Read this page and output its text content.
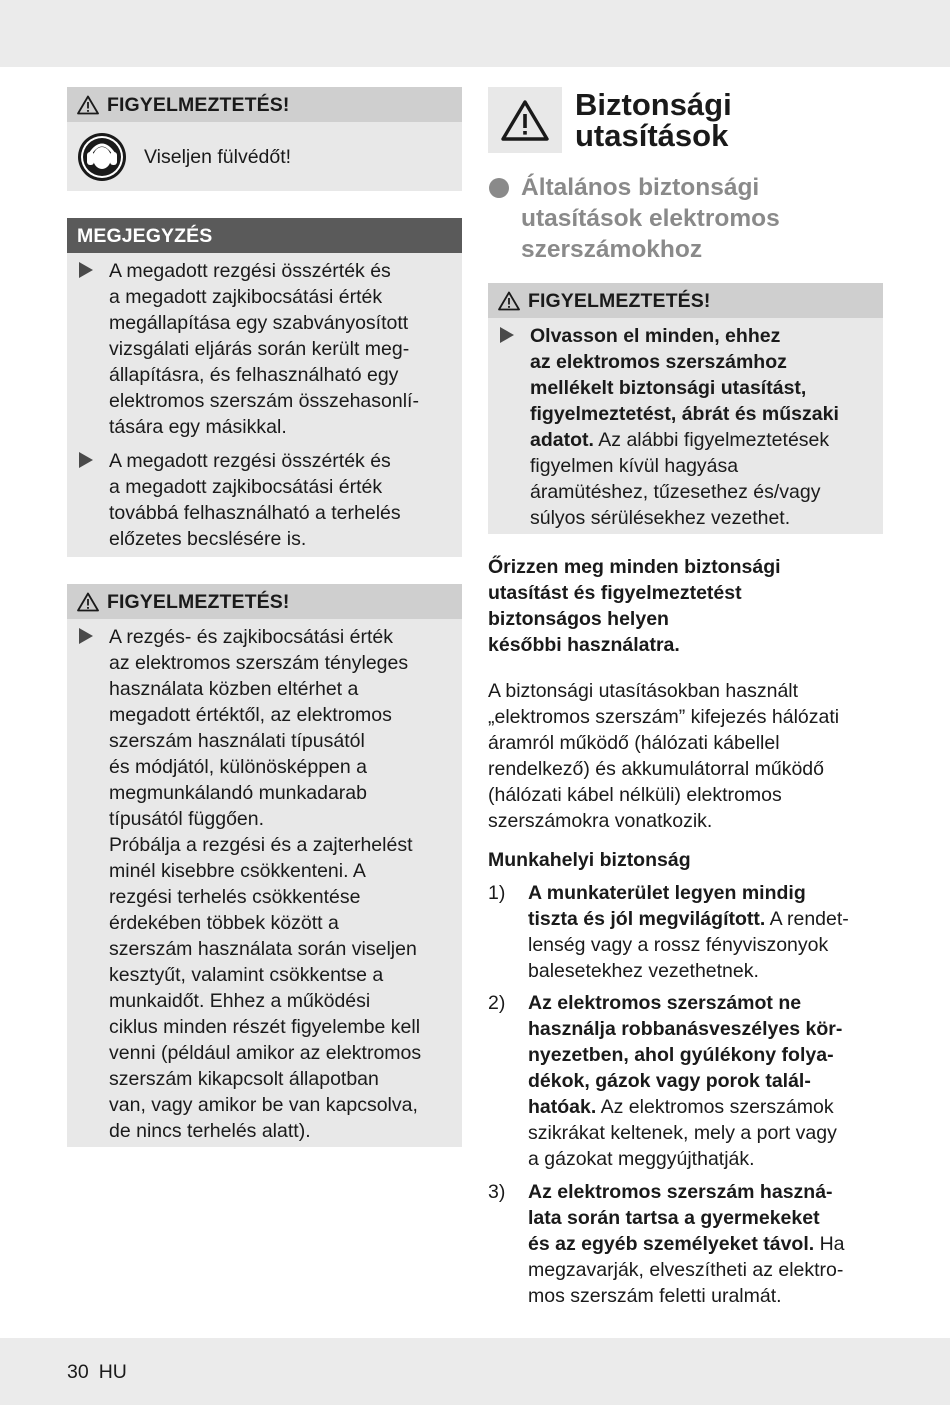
FIGYELMEZTETÉS!
Viseljen fülvédőt!
MEGJEGYZÉS

A megadott rezgési összérték és
a megadott zajkibocsátási érték
megállapítása egy szabványosított
vizsgálati eljárás során került meg-
állapításra, és felhasználható egy
elektromos szerszám összehasonlí-
tására egy másikkal.

A megadott rezgési összérték és
a megadott zajkibocsátási érték
továbbá felhasználható a terhelés
előzetes becslésére is.

FIGYELMEZTETÉS!

A rezgés- és zajkibocsátási érték
az elektromos szerszám tényleges
használata közben eltérhet a
megadott értéktől, az elektromos
szerszám használati típusától
és módjától, különösképpen a
megmunkálandó munkadarab
típusától függően.
Próbálja a rezgési és a zajterhelést
minél kisebbre csökkenteni. A
rezgési terhelés csökkentése
érdekében többek között a
szerszám használata során viseljen
kesztyűt, valamint csökkentse a
munkaidőt. Ehhez a működési
ciklus minden részét figyelembe kell
venni (például amikor az elektromos
szerszám kikapcsolt állapotban
van, vagy amikor be van kapcsolva,
de nincs terhelés alatt).

Biztonsági
utasítások
Általános biztonsági
utasítások elektromos
szerszámokhoz
FIGYELMEZTETÉS!

Olvasson el minden, ehhez
az elektromos szerszámhoz
mellékelt biztonsági utasítást,
figyelmeztetést, ábrát és műszaki
adatot. Az alábbi figyelmeztetések
figyelmen kívül hagyása
áramütéshez, tűzesethez és/vagy
súlyos sérülésekhez vezethet.

Őrizzen meg minden biztonsági
utasítást és figyelmeztetést
biztonságos helyen
későbbi használatra.

A biztonsági utasításokban használt
„elektromos szerszám” kifejezés hálózati
áramról működő (hálózati kábellel
rendelkező) és akkumulátorral működő
(hálózati kábel nélküli) elektromos
szerszámokra vonatkozik.

Munkahelyi biztonság

1) A munkaterület legyen mindig
tiszta és jól megvilágított. A rendet-
lenség vagy a rossz fényviszonyok
balesetekhez vezethetnek.
2) Az elektromos szerszámot ne
használja robbanásveszélyes kör-
nyezetben, ahol gyúlékony folya-
dékok, gázok vagy porok talál-
hatóak. Az elektromos szerszámok
szikrákat keltenek, mely a port vagy
a gázokat meggyújthatják.
3) Az elektromos szerszám haszná-
lata során tartsa a gyermekeket
és az egyéb személyeket távol. Ha
megzavarják, elveszítheti az elektro-
mos szerszám feletti uralmát.
30 HU
